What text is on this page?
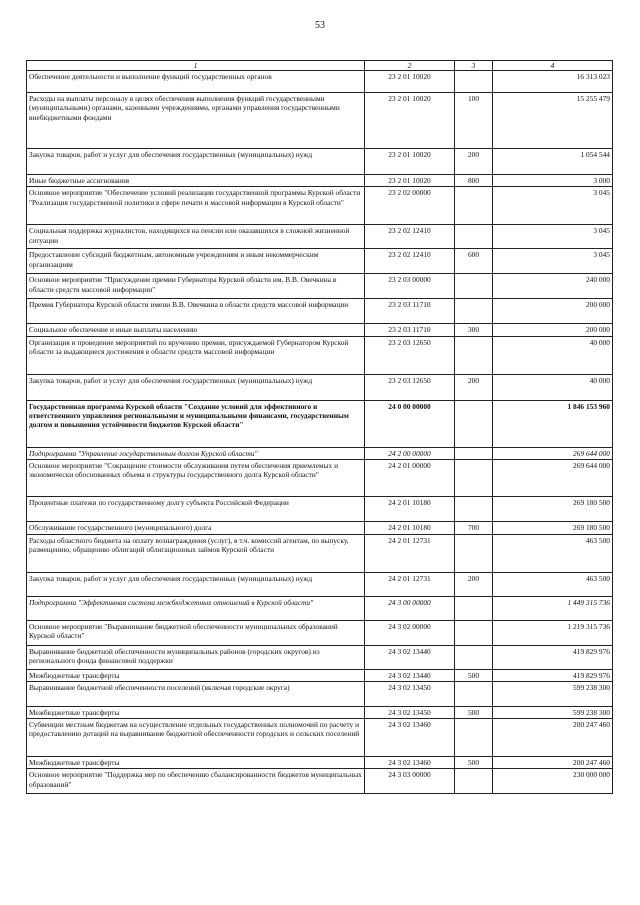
53
1	2	3	4
Обеспечение деятельности и выполнение функций государственных органов	23 2 01 10020		16 313 023
Расходы на выплаты персоналу в целях обеспечения выполнения функций государственными (муниципальными) органами, казенными учреждениями, органами управления государственными внебюджетными фондами	23 2 01 10020	100	15 255 479
Закупка товаров, работ и услуг для обеспечения государственных (муниципальных) нужд	23 2 01 10020	200	1 054 544
Иные бюджетные ассигнования	23 2 01 10020	800	3 000
Основное мероприятие "Обеспечение условий реализации государственной программы Курской области "Реализация государственной политики в сфере печати и массовой информации в Курской области"	23 2 02 00000		3 045
Социальная поддержка журналистов, находящихся на пенсии или оказавшихся в сложной жизненной ситуации	23 2 02 12410		3 045
Предоставление субсидий бюджетным, автономным учреждениям и иным некоммерческим организациям	23 2 02 12410	600	3 045
Основное мероприятие "Присуждение премии Губернатора Курской области им. В.В. Овечкина в области средств массовой информации"	23 2 03 00000		240 000
Премия Губернатора Курской области имени В.В. Овечкина в области средств массовой информации	23 2 03 11710		200 000
Социальное обеспечение и иные выплаты населению	23 2 03 11710	300	200 000
Организация и проведение мероприятий по вручению премии, присуждаемой Губернатором Курской области за выдающиеся достижения в области средств массовой информации	23 2 03 12650		40 000
Закупка товаров, работ и услуг для обеспечения государственных (муниципальных) нужд	23 2 03 12650	200	40 000
Государственная программа Курской области "Создание условий для эффективного и ответственного управления региональными и муниципальными финансами, государственным долгом и повышения устойчивости бюджетов Курской области"	24 0 00 00000		1 846 153 960
Подпрограмма "Управление государственным долгом Курской области"	24 2 00 00000		269 644 000
Основное мероприятие "Сокращение стоимости обслуживания путем обеспечения приемлемых и экономически обоснованных объема и структуры государственного долга Курской области"	24 2 01 00000		269 644 000
Процентные платежи по государственному долгу субъекта Российской Федерации	24 2 01 10180		269 180 500
Обслуживание государственного (муниципального) долга	24 2 01 10180	700	269 180 500
Расходы областного бюджета на оплату вознаграждения (услуг), в т.ч. комиссий агентам, по выпуску, размещению, обращению облигаций облигационных займов Курской области	24 2 01 12731		463 500
Закупка товаров, работ и услуг для обеспечения государственных (муниципальных) нужд	24 2 01 12731	200	463 500
Подпрограмма "Эффективная система межбюджетных отношений в Курской области"	24 3 00 00000		1 449 315 736
Основное мероприятие "Выравнивание бюджетной обеспеченности муниципальных образований Курской области"	24 3 02 00000		1 219 315 736
Выравнивание бюджетной обеспеченности муниципальных районов (городских округов) из регионального фонда финансовой поддержки	24 3 02 13440		419 829 976
Межбюджетные трансферты	24 3 02 13440	500	419 829 976
Выравнивание бюджетной обеспеченности поселений (включая городские округа)	24 3 02 13450		599 238 300
Межбюджетные трансферты	24 3 02 13450	500	599 238 300
Субвенции местным бюджетам на осуществление отдельных государственных полномочий по расчету и предоставлению дотаций на выравнивание бюджетной обеспеченности городских и сельских поселений	24 3 02 13460		200 247 460
Межбюджетные трансферты	24 3 02 13460	500	200 247 460
Основное мероприятие "Поддержка мер по обеспечению сбалансированности бюджетов муниципальных образований"	24 3 03 00000		230 000 000
